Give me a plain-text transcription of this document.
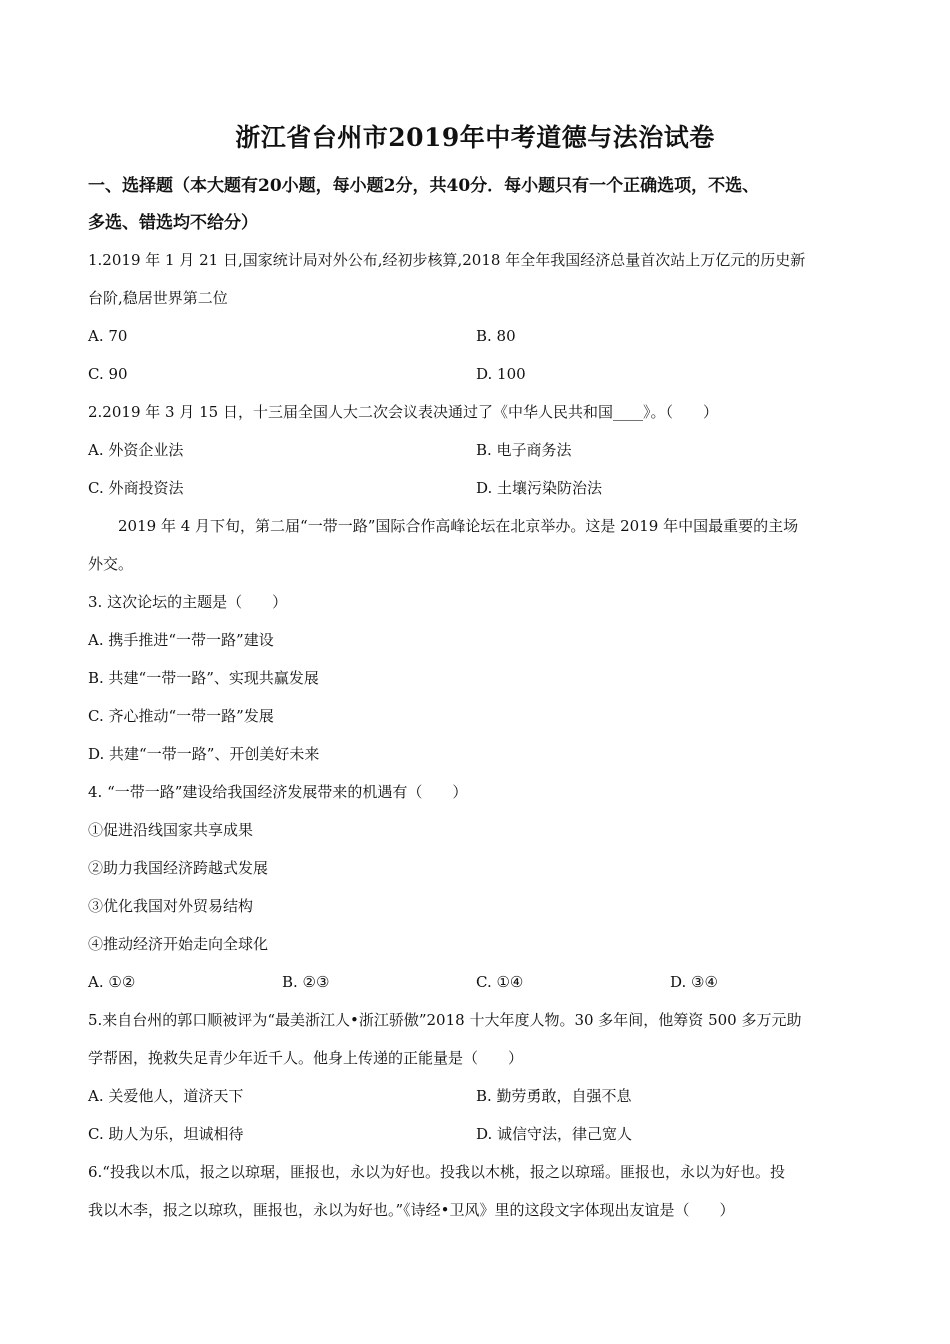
浙江省台州市2019年中考道德与法治试卷
一、选择题（本大题有20小题，每小题2分，共40分．每小题只有一个正确选项，不选、
多选、错选均不给分）
1.2019 年 1 月 21 日,国家统计局对外公布,经初步核算,2018 年全年我国经济总量首次站上万亿元的历史新
台阶,稳居世界第二位
A. 70	B. 80
C. 90	D. 100
2.2019 年 3 月 15 日，十三届全国人大二次会议表决通过了《中华人民共和国____》。（　　）
A. 外资企业法	B. 电子商务法
C. 外商投资法	D. 土壤污染防治法
2019 年 4 月下旬，第二届“一带一路”国际合作高峰论坛在北京举办。这是 2019 年中国最重要的主场
外交。
3. 这次论坛的主题是（　　）
A. 携手推进“一带一路”建设
B. 共建“一带一路”、实现共赢发展
C. 齐心推动“一带一路”发展
D. 共建“一带一路”、开创美好未来
4. “一带一路”建设给我国经济发展带来的机遇有（　　）
①促进沿线国家共享成果
②助力我国经济跨越式发展
③优化我国对外贸易结构
④推动经济开始走向全球化
A. ①②	B. ②③	C. ①④	D. ③④
5.来自台州的郭口顺被评为“最美浙江人•浙江骄傲”2018 十大年度人物。30 多年间，他筹资 500 多万元助
学帮困，挽救失足青少年近千人。他身上传递的正能量是（　　）
A. 关爱他人，道济天下	B. 勤劳勇敢，自强不息
C. 助人为乐，坦诚相待	D. 诚信守法，律己宽人
6.“投我以木瓜，报之以琼琚，匪报也，永以为好也。投我以木桃，报之以琼瑶。匪报也，永以为好也。投
我以木李，报之以琼玖，匪报也，永以为好也。”《诗经•卫风》里的这段文字体现出友谊是（　　）
